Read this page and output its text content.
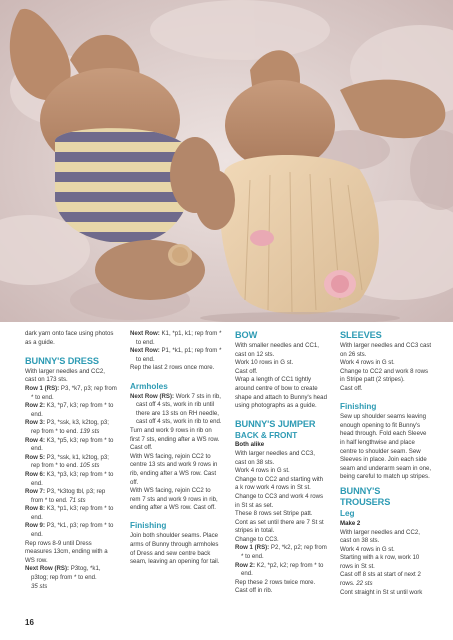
dark yarn onto face using photos as a guide.

BUNNY'S DRESS

With larger needles and CC2, cast on 173 sts.

Row 1 (RS): P3, *k7, p3; rep from * to end.

Row 2: K3, *p7, k3; rep from * to end.

Row 3: P3, *ssk, k3, k2tog, p3; rep from * to end. 139 sts

Row 4: K3, *p5, k3; rep from * to end.

Row 5: P3, *ssk, k1, k2tog, p3; rep from * to end. 105 sts

Row 6: K3, *p3, k3; rep from * to end.

Row 7: P3, *k3tog tbl, p3; rep from * to end. 71 sts

Row 8: K3, *p1, k3; rep from * to end.

Row 9: P3, *k1, p3; rep from * to end.

Rep rows 8-9 until Dress measures 13cm, ending with a WS row.

Next Row (RS): P3tog, *k1, p3tog; rep from * to end.
35 sts

Next Row: K1, *p1, k1; rep from * to end.

Next Row: P1, *k1, p1; rep from * to end.

Rep the last 2 rows once more.

Armholes

Next Row (RS): Work 7 sts in rib, cast off 4 sts, work in rib until there are 13 sts on RH needle, cast off 4 sts, work in rib to end.

Turn and work 9 rows in rib on first 7 sts, ending after a WS row. Cast off.

With WS facing, rejoin CC2 to centre 13 sts and work 9 rows in rib, ending after a WS row. Cast off.

With WS facing, rejoin CC2 to rem 7 sts and work 9 rows in rib, ending after a WS row. Cast off.

Finishing

Join both shoulder seams. Place arms of Bunny through armholes of Dress and sew centre back seam, leaving an opening for tail.

BOW

With smaller needles and CC1, cast on 12 sts.

Work 10 rows in G st.

Cast off.

Wrap a length of CC1 tightly around centre of bow to create shape and attach to Bunny's head using photographs as a guide.

BUNNY'S JUMPER
BACK & FRONT
Both alike

With larger needles and CC3, cast on 38 sts.

Work 4 rows in G st.

Change to CC2 and starting with a k row work 4 rows in St st.

Change to CC3 and work 4 rows in St st as set.

These 8 rows set Stripe patt.

Cont as set until there are 7 St st stripes in total.

Change to CC3.

Row 1 (RS): P2, *k2, p2; rep from * to end.

Row 2: K2, *p2, k2; rep from * to end.

Rep these 2 rows twice more.

Cast off in rib.

SLEEVES

With larger needles and CC3 cast on 26 sts.

Work 4 rows in G st.

Change to CC2 and work 8 rows in Stripe patt (2 stripes).

Cast off.

Finishing

Sew up shoulder seams leaving enough opening to fit Bunny's head through. Fold each Sleeve in half lengthwise and place centre to shoulder seam. Sew Sleeves in place. Join each side seam and underarm seam in one, being careful to match up stripes.

BUNNY'S TROUSERS
Leg
Make 2

With larger needles and CC2, cast on 38 sts.

Work 4 rows in G st.

Starting with a k row, work 10 rows in St st.

Cast off 8 sts at start of next 2 rows. 22 sts

Cont straight in St st until work

16
